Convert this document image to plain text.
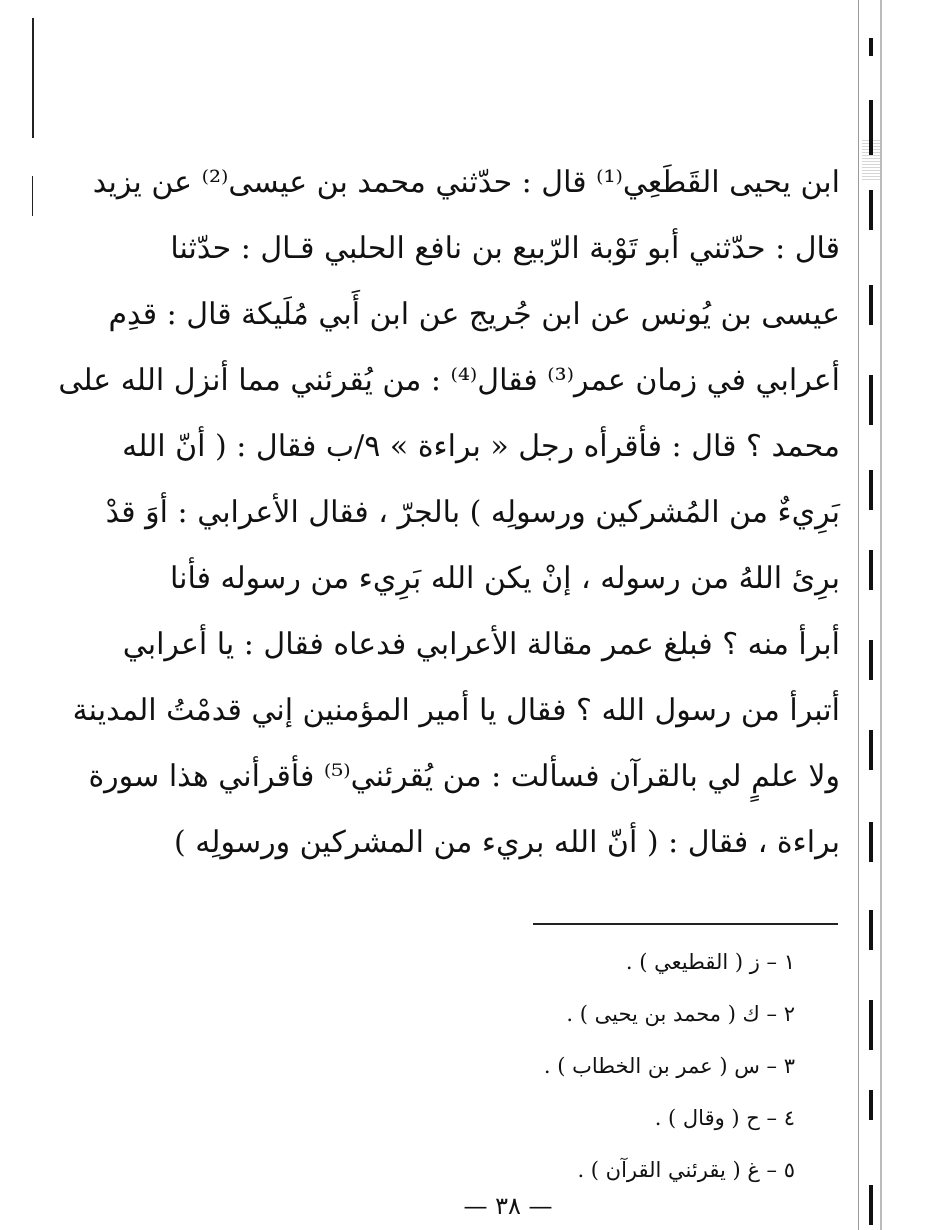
ابن يحيى القَطَعِي⁽¹⁾ قال : حدّثني محمد بن عيسى⁽²⁾ عن يزيد
قال : حدّثني أبو تَوْبة الرّبيع بن نافع الحلبي قـال : حدّثنا
عيسى بن يُونس عن ابن جُريج عن ابن أَبي مُلَيكة قال : قدِم
أعرابي في زمان عمر⁽³⁾ فقال⁽⁴⁾ : من يُقرئني مما أنزل الله على
محمد ؟ قال : فأقرأه رجل « براءة » ٩/ب فقال : ( أنّ الله
بَرِيءٌ من المُشركين ورسولِه ) بالجرّ ، فقال الأعرابي : أوَ قدْ
برِئ اللهُ من رسوله ، إنْ يكن الله بَرِيء من رسوله فأنا
أبرأ منه ؟ فبلغ عمر مقالة الأعرابي فدعاه فقال : يا أعرابي
أتبرأ من رسول الله ؟ فقال يا أمير المؤمنين إني قدمْتُ المدينة
ولا علمٍ لي بالقرآن فسألت : من يُقرئني⁽⁵⁾ فأقرأني هذا سورة
براءة ، فقال : ( أنّ الله بريء من المشركين ورسولِه )
١ – ز ( القطيعي ) .
٢ – ك ( محمد بن يحيى ) .
٣ – س ( عمر بن الخطاب ) .
٤ – ح ( وقال ) .
٥ – غ ( يقرئني القرآن ) .
— ٣٨ —
